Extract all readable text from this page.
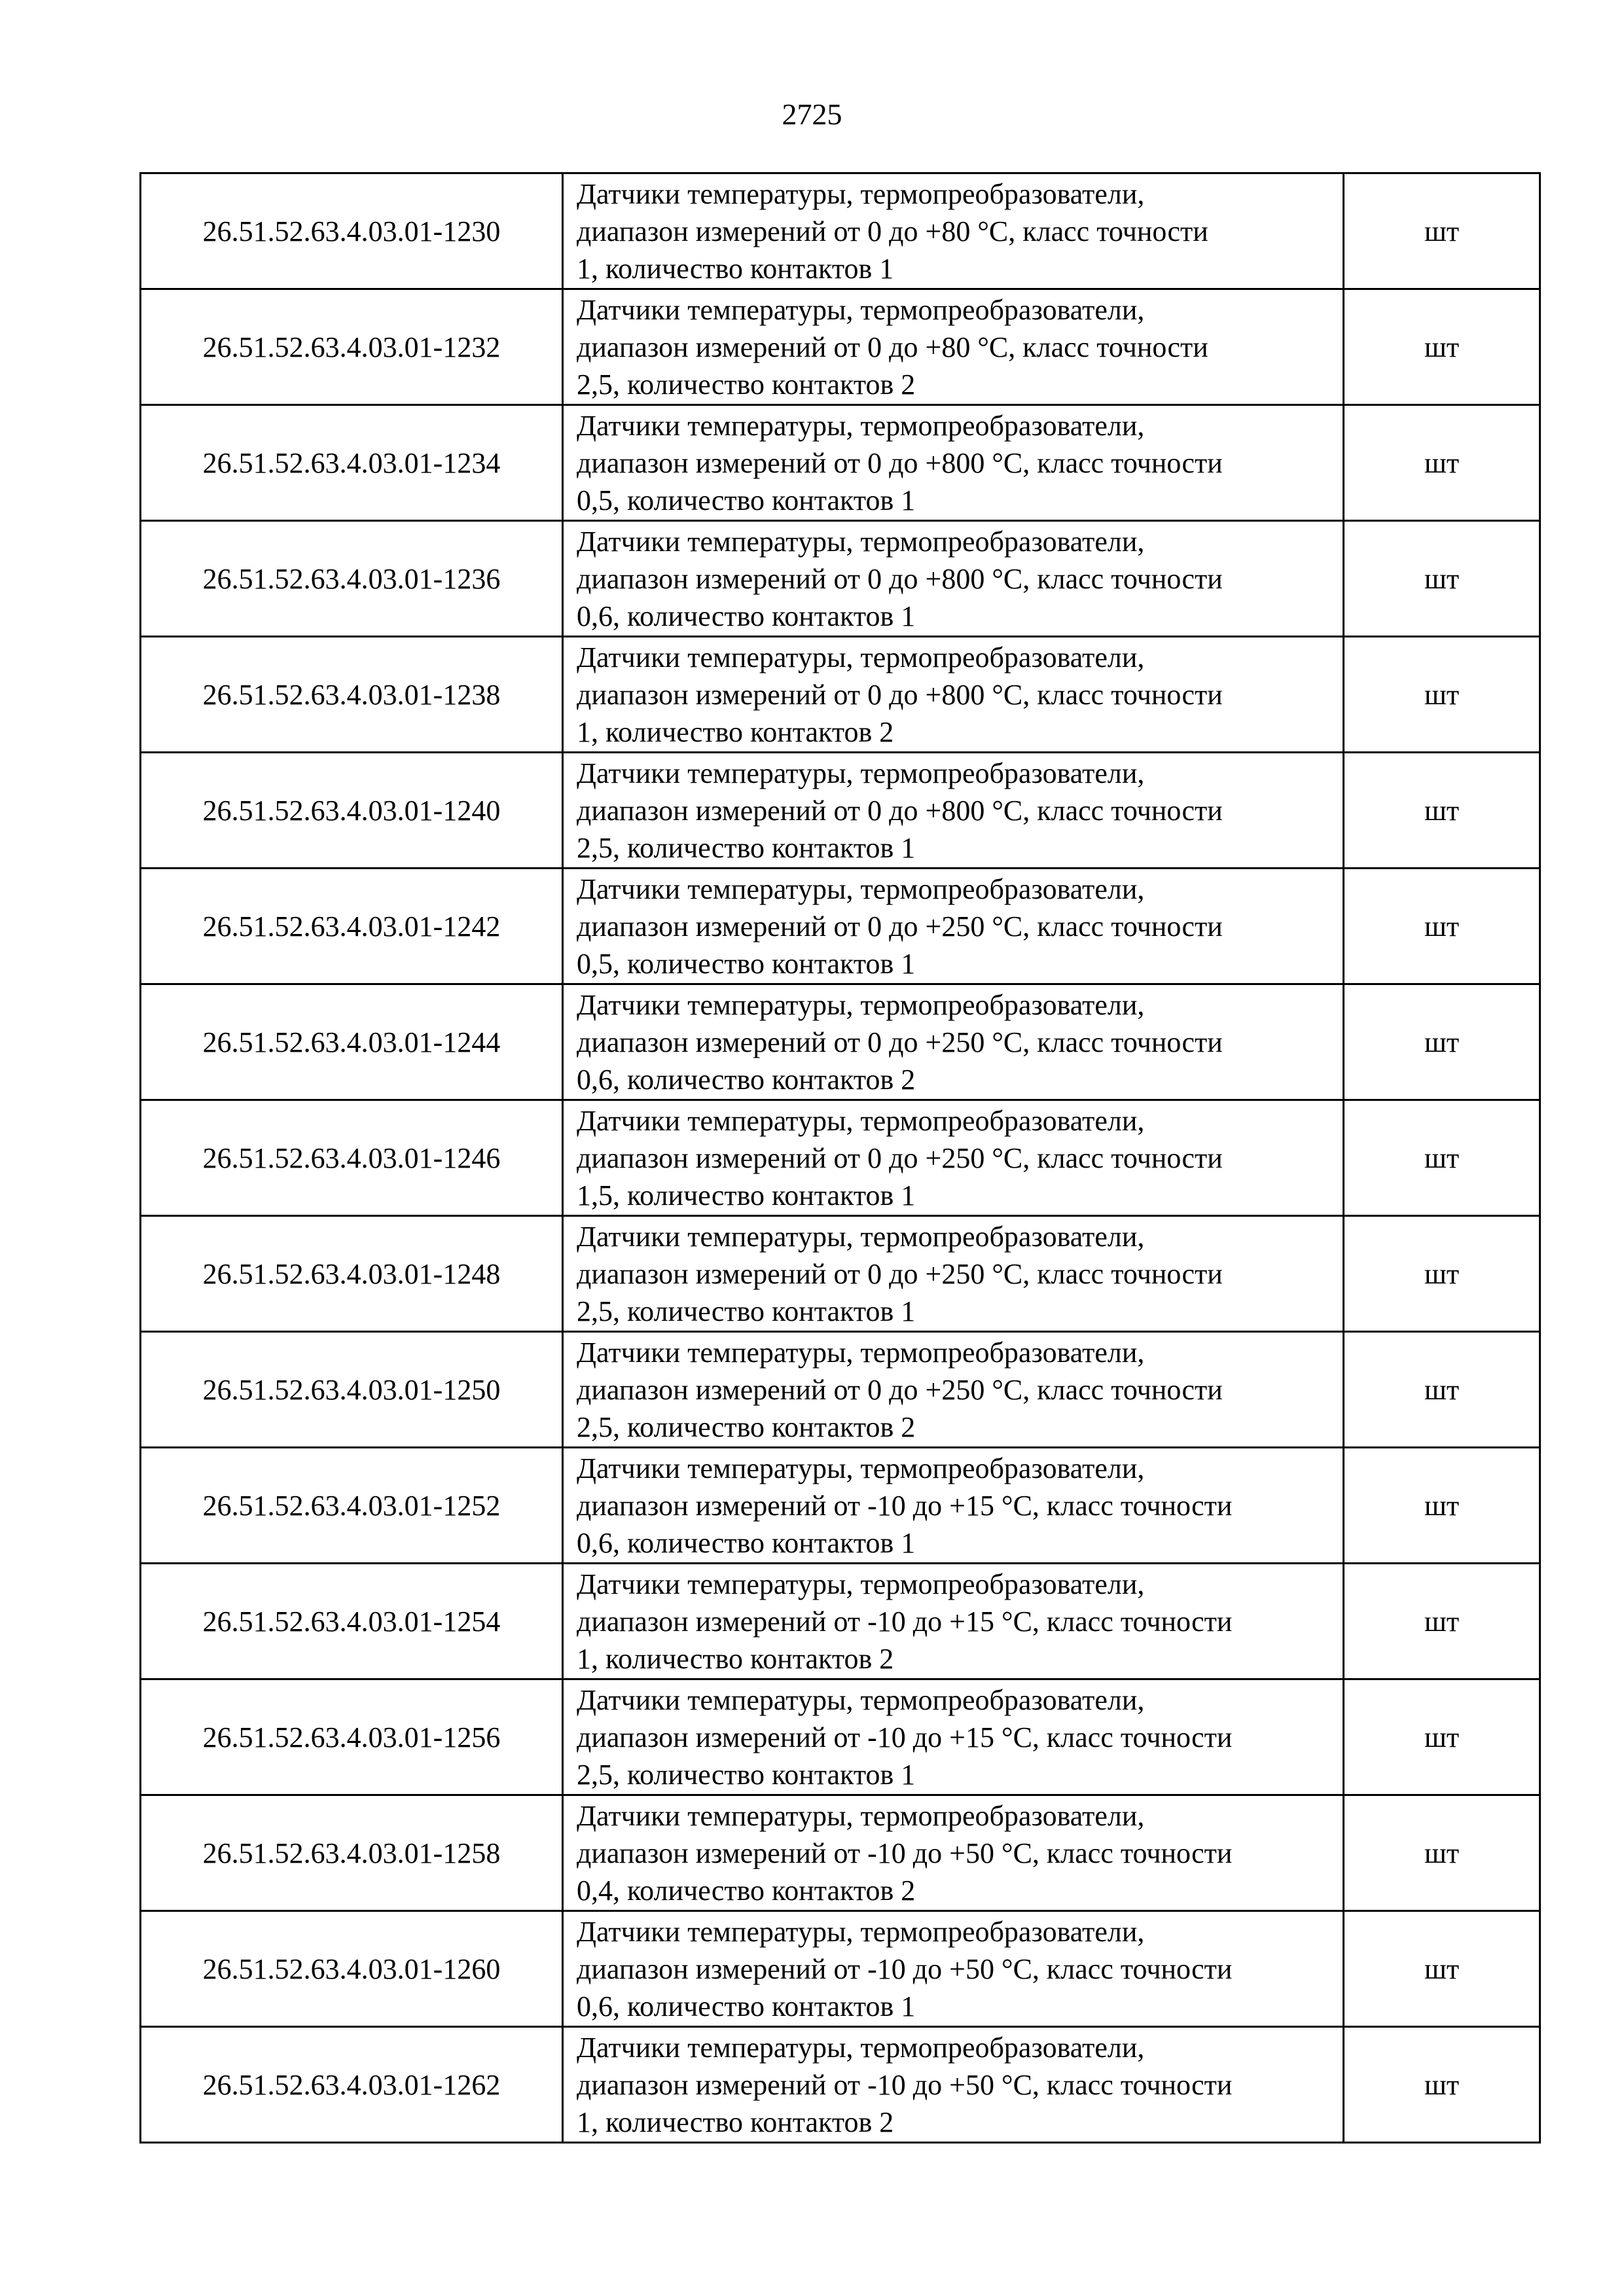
2725
26.51.52.63.4.03.01-1230	Датчики температуры, термопреобразователи,
диапазон измерений от 0 до +80 °С, класс точности
1, количество контактов 1	шт
26.51.52.63.4.03.01-1232	Датчики температуры, термопреобразователи,
диапазон измерений от 0 до +80 °С, класс точности
2,5, количество контактов 2	шт
26.51.52.63.4.03.01-1234	Датчики температуры, термопреобразователи,
диапазон измерений от 0 до +800 °С, класс точности
0,5, количество контактов 1	шт
26.51.52.63.4.03.01-1236	Датчики температуры, термопреобразователи,
диапазон измерений от 0 до +800 °С, класс точности
0,6, количество контактов 1	шт
26.51.52.63.4.03.01-1238	Датчики температуры, термопреобразователи,
диапазон измерений от 0 до +800 °С, класс точности
1, количество контактов 2	шт
26.51.52.63.4.03.01-1240	Датчики температуры, термопреобразователи,
диапазон измерений от 0 до +800 °С, класс точности
2,5, количество контактов 1	шт
26.51.52.63.4.03.01-1242	Датчики температуры, термопреобразователи,
диапазон измерений от 0 до +250 °С, класс точности
0,5, количество контактов 1	шт
26.51.52.63.4.03.01-1244	Датчики температуры, термопреобразователи,
диапазон измерений от 0 до +250 °С, класс точности
0,6, количество контактов 2	шт
26.51.52.63.4.03.01-1246	Датчики температуры, термопреобразователи,
диапазон измерений от 0 до +250 °С, класс точности
1,5, количество контактов 1	шт
26.51.52.63.4.03.01-1248	Датчики температуры, термопреобразователи,
диапазон измерений от 0 до +250 °С, класс точности
2,5, количество контактов 1	шт
26.51.52.63.4.03.01-1250	Датчики температуры, термопреобразователи,
диапазон измерений от 0 до +250 °С, класс точности
2,5, количество контактов 2	шт
26.51.52.63.4.03.01-1252	Датчики температуры, термопреобразователи,
диапазон измерений от -10 до +15 °С, класс точности
0,6, количество контактов 1	шт
26.51.52.63.4.03.01-1254	Датчики температуры, термопреобразователи,
диапазон измерений от -10 до +15 °С, класс точности
1, количество контактов 2	шт
26.51.52.63.4.03.01-1256	Датчики температуры, термопреобразователи,
диапазон измерений от -10 до +15 °С, класс точности
2,5, количество контактов 1	шт
26.51.52.63.4.03.01-1258	Датчики температуры, термопреобразователи,
диапазон измерений от -10 до +50 °С, класс точности
0,4, количество контактов 2	шт
26.51.52.63.4.03.01-1260	Датчики температуры, термопреобразователи,
диапазон измерений от -10 до +50 °С, класс точности
0,6, количество контактов 1	шт
26.51.52.63.4.03.01-1262	Датчики температуры, термопреобразователи,
диапазон измерений от -10 до +50 °С, класс точности
1, количество контактов 2	шт
